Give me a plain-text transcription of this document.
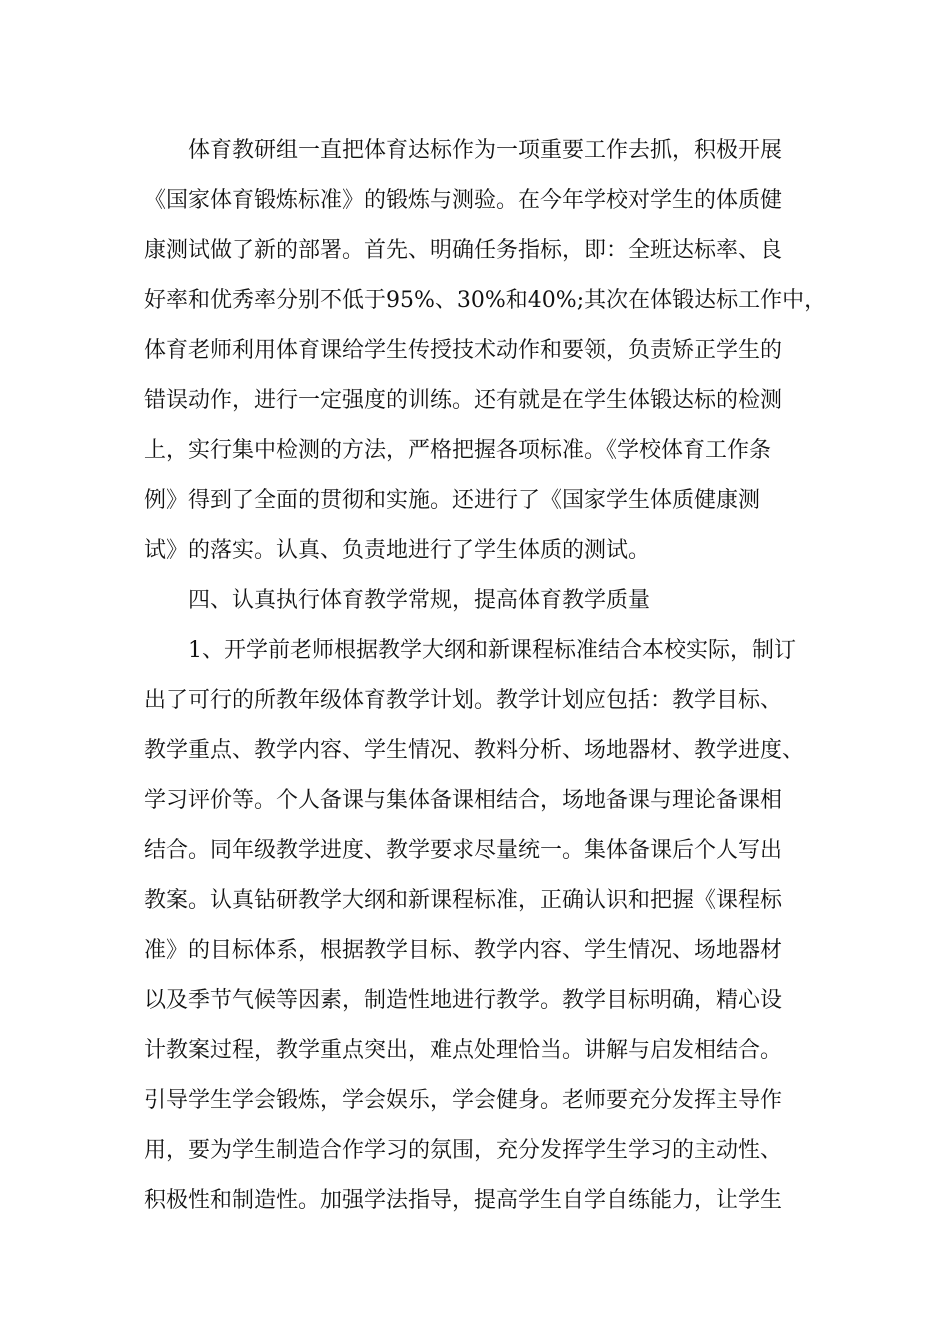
体育教研组一直把体育达标作为一项重要工作去抓，积极开展
《国家体育锻炼标准》的锻炼与测验。在今年学校对学生的体质健
康测试做了新的部署。首先、明确任务指标，即：全班达标率、良
好率和优秀率分别不低于95%、30%和40%;其次在体锻达标工作中，
体育老师利用体育课给学生传授技术动作和要领，负责矫正学生的
错误动作，进行一定强度的训练。还有就是在学生体锻达标的检测
上，实行集中检测的方法，严格把握各项标准。《学校体育工作条
例》得到了全面的贯彻和实施。还进行了《国家学生体质健康测
试》的落实。认真、负责地进行了学生体质的测试。
四、认真执行体育教学常规，提高体育教学质量
1、开学前老师根据教学大纲和新课程标准结合本校实际，制订
出了可行的所教年级体育教学计划。教学计划应包括：教学目标、
教学重点、教学内容、学生情况、教料分析、场地器材、教学进度、
学习评价等。个人备课与集体备课相结合，场地备课与理论备课相
结合。同年级教学进度、教学要求尽量统一。集体备课后个人写出
教案。认真钻研教学大纲和新课程标准，正确认识和把握《课程标
准》的目标体系，根据教学目标、教学内容、学生情况、场地器材
以及季节气候等因素，制造性地进行教学。教学目标明确，精心设
计教案过程，教学重点突出，难点处理恰当。讲解与启发相结合。
引导学生学会锻炼，学会娱乐，学会健身。老师要充分发挥主导作
用，要为学生制造合作学习的氛围，充分发挥学生学习的主动性、
积极性和制造性。加强学法指导，提高学生自学自练能力，让学生
